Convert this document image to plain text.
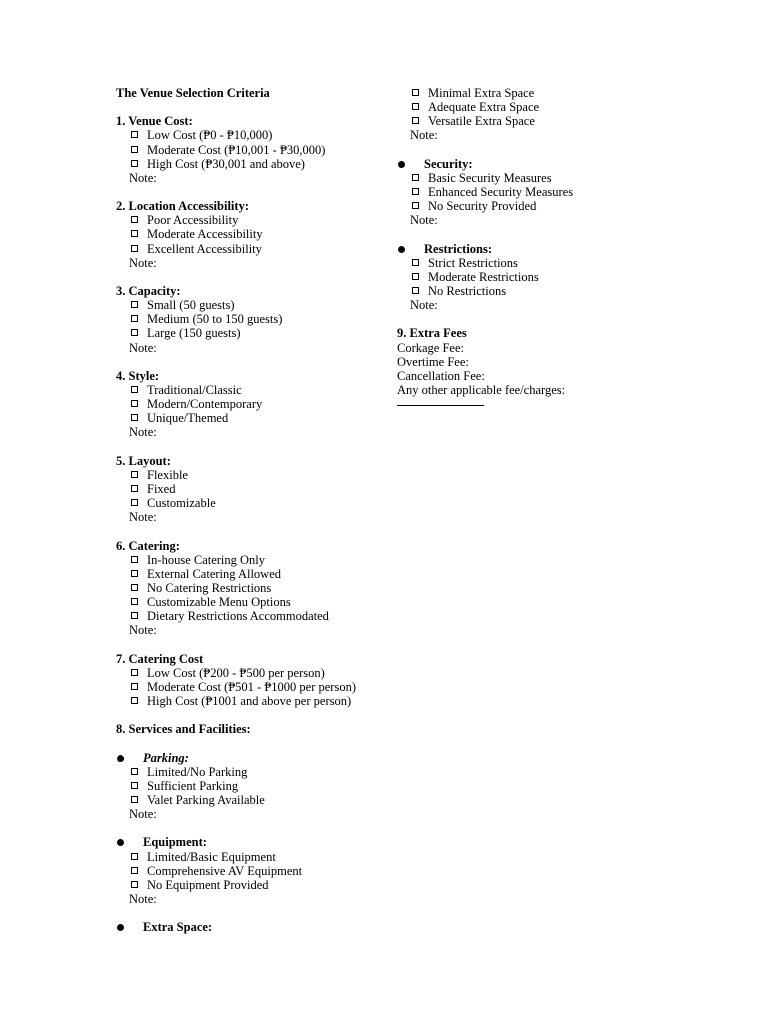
The Venue Selection Criteria
1. Venue Cost:
Low Cost (₱0 - ₱10,000)
Moderate Cost (₱10,001 - ₱30,000)
High Cost (₱30,001 and above)
Note:
2. Location Accessibility:
Poor Accessibility
Moderate Accessibility
Excellent Accessibility
Note:
3. Capacity:
Small (50 guests)
Medium (50 to 150 guests)
Large (150 guests)
Note:
4. Style:
Traditional/Classic
Modern/Contemporary
Unique/Themed
Note:
5. Layout:
Flexible
Fixed
Customizable
Note:
6. Catering:
In-house Catering Only
External Catering Allowed
No Catering Restrictions
Customizable Menu Options
Dietary Restrictions Accommodated
Note:
7. Catering Cost
Low Cost (₱200 - ₱500 per person)
Moderate Cost (₱501 - ₱1000 per person)
High Cost (₱1001 and above per person)
8. Services and Facilities:
Parking:
Limited/No Parking
Sufficient Parking
Valet Parking Available
Note:
Equipment:
Limited/Basic Equipment
Comprehensive AV Equipment
No Equipment Provided
Note:
Extra Space:
Minimal Extra Space
Adequate Extra Space
Versatile Extra Space
Note:
Security:
Basic Security Measures
Enhanced Security Measures
No Security Provided
Note:
Restrictions:
Strict Restrictions
Moderate Restrictions
No Restrictions
Note:
9. Extra Fees
Corkage Fee:
Overtime Fee:
Cancellation Fee:
Any other applicable fee/charges:
